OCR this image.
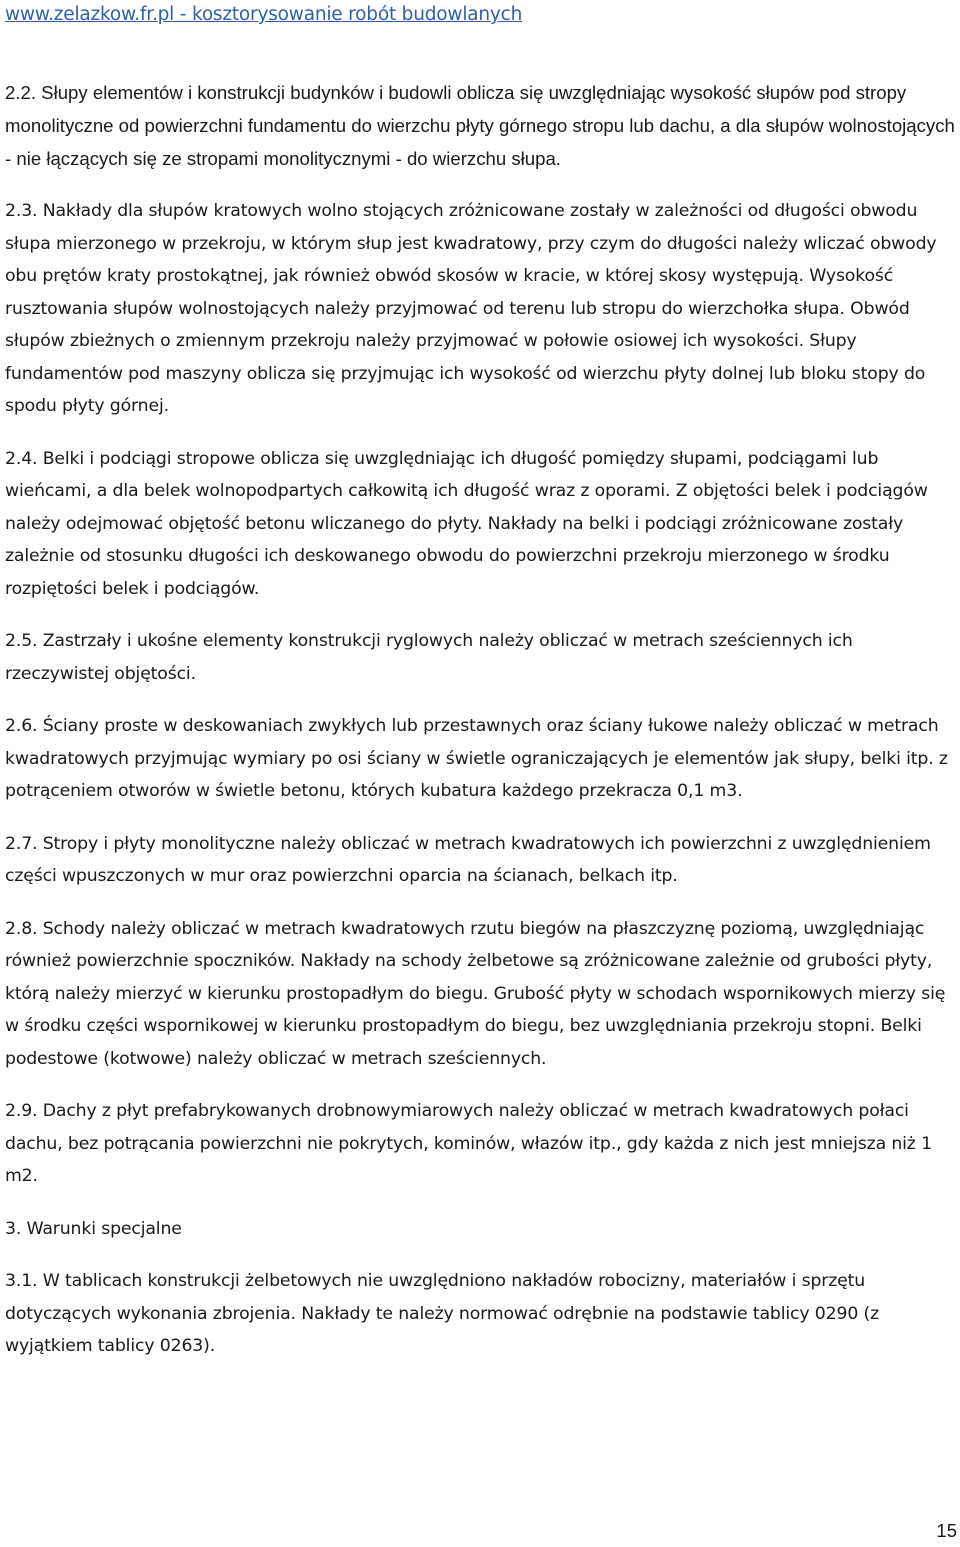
www.zelazkow.fr.pl - kosztorysowanie robót budowlanych

2.2. Słupy elementów i konstrukcji budynków i budowli oblicza się uwzględniając wysokość słupów pod stropy monolityczne od powierzchni fundamentu do wierzchu płyty górnego stropu lub dachu, a dla słupów wolnostojących - nie łączących się ze stropami monolitycznymi - do wierzchu słupa.

2.3. Nakłady dla słupów kratowych wolno stojących zróżnicowane zostały w zależności od długości obwodu słupa mierzonego w przekroju, w którym słup jest kwadratowy, przy czym do długości należy wliczać obwody obu prętów kraty prostokątnej, jak również obwód skosów w kracie, w której skosy występują. Wysokość rusztowania słupów wolnostojących należy przyjmować od terenu lub stropu do wierzchołka słupa. Obwód słupów zbieżnych o zmiennym przekroju należy przyjmować w połowie osiowej ich wysokości. Słupy fundamentów pod maszyny oblicza się przyjmując ich wysokość od wierzchu płyty dolnej lub bloku stopy do spodu płyty górnej.

2.4. Belki i podciągi stropowe oblicza się uwzględniając ich długość pomiędzy słupami, podciągami lub wieńcami, a dla belek wolnopodpartych całkowitą ich długość wraz z oporami. Z objętości belek i podciągów należy odejmować objętość betonu wliczanego do płyty. Nakłady na belki i podciągi zróżnicowane zostały zależnie od stosunku długości ich deskowanego obwodu do powierzchni przekroju mierzonego w środku rozpiętości belek i podciągów.

2.5. Zastrzały i ukośne elementy konstrukcji ryglowych należy obliczać w metrach sześciennych ich rzeczywistej objętości.

2.6. Ściany proste w deskowaniach zwykłych lub przestawnych oraz ściany łukowe należy obliczać w metrach kwadratowych przyjmując wymiary po osi ściany w świetle ograniczających je elementów jak słupy, belki itp. z potrąceniem otworów w świetle betonu, których kubatura każdego przekracza 0,1 m3.

2.7. Stropy i płyty monolityczne należy obliczać w metrach kwadratowych ich powierzchni z uwzględnieniem części wpuszczonych w mur oraz powierzchni oparcia na ścianach, belkach itp.

2.8. Schody należy obliczać w metrach kwadratowych rzutu biegów na płaszczyznę poziomą, uwzględniając również powierzchnie spoczników. Nakłady na schody żelbetowe są zróżnicowane zależnie od grubości płyty, którą należy mierzyć w kierunku prostopadłym do biegu. Grubość płyty w schodach wspornikowych mierzy się w środku części wspornikowej w kierunku prostopadłym do biegu, bez uwzględniania przekroju stopni. Belki podestowe (kotwowe) należy obliczać w metrach sześciennych.

2.9. Dachy z płyt prefabrykowanych drobnowymiarowych należy obliczać w metrach kwadratowych połaci dachu, bez potrącania powierzchni nie pokrytych, kominów, włazów itp., gdy każda z nich jest mniejsza niż 1 m2.

3. Warunki specjalne

3.1. W tablicach konstrukcji żelbetowych nie uwzględniono nakładów robocizny, materiałów i sprzętu dotyczących wykonania zbrojenia. Nakłady te należy normować odrębnie na podstawie tablicy 0290 (z wyjątkiem tablicy 0263).

15
